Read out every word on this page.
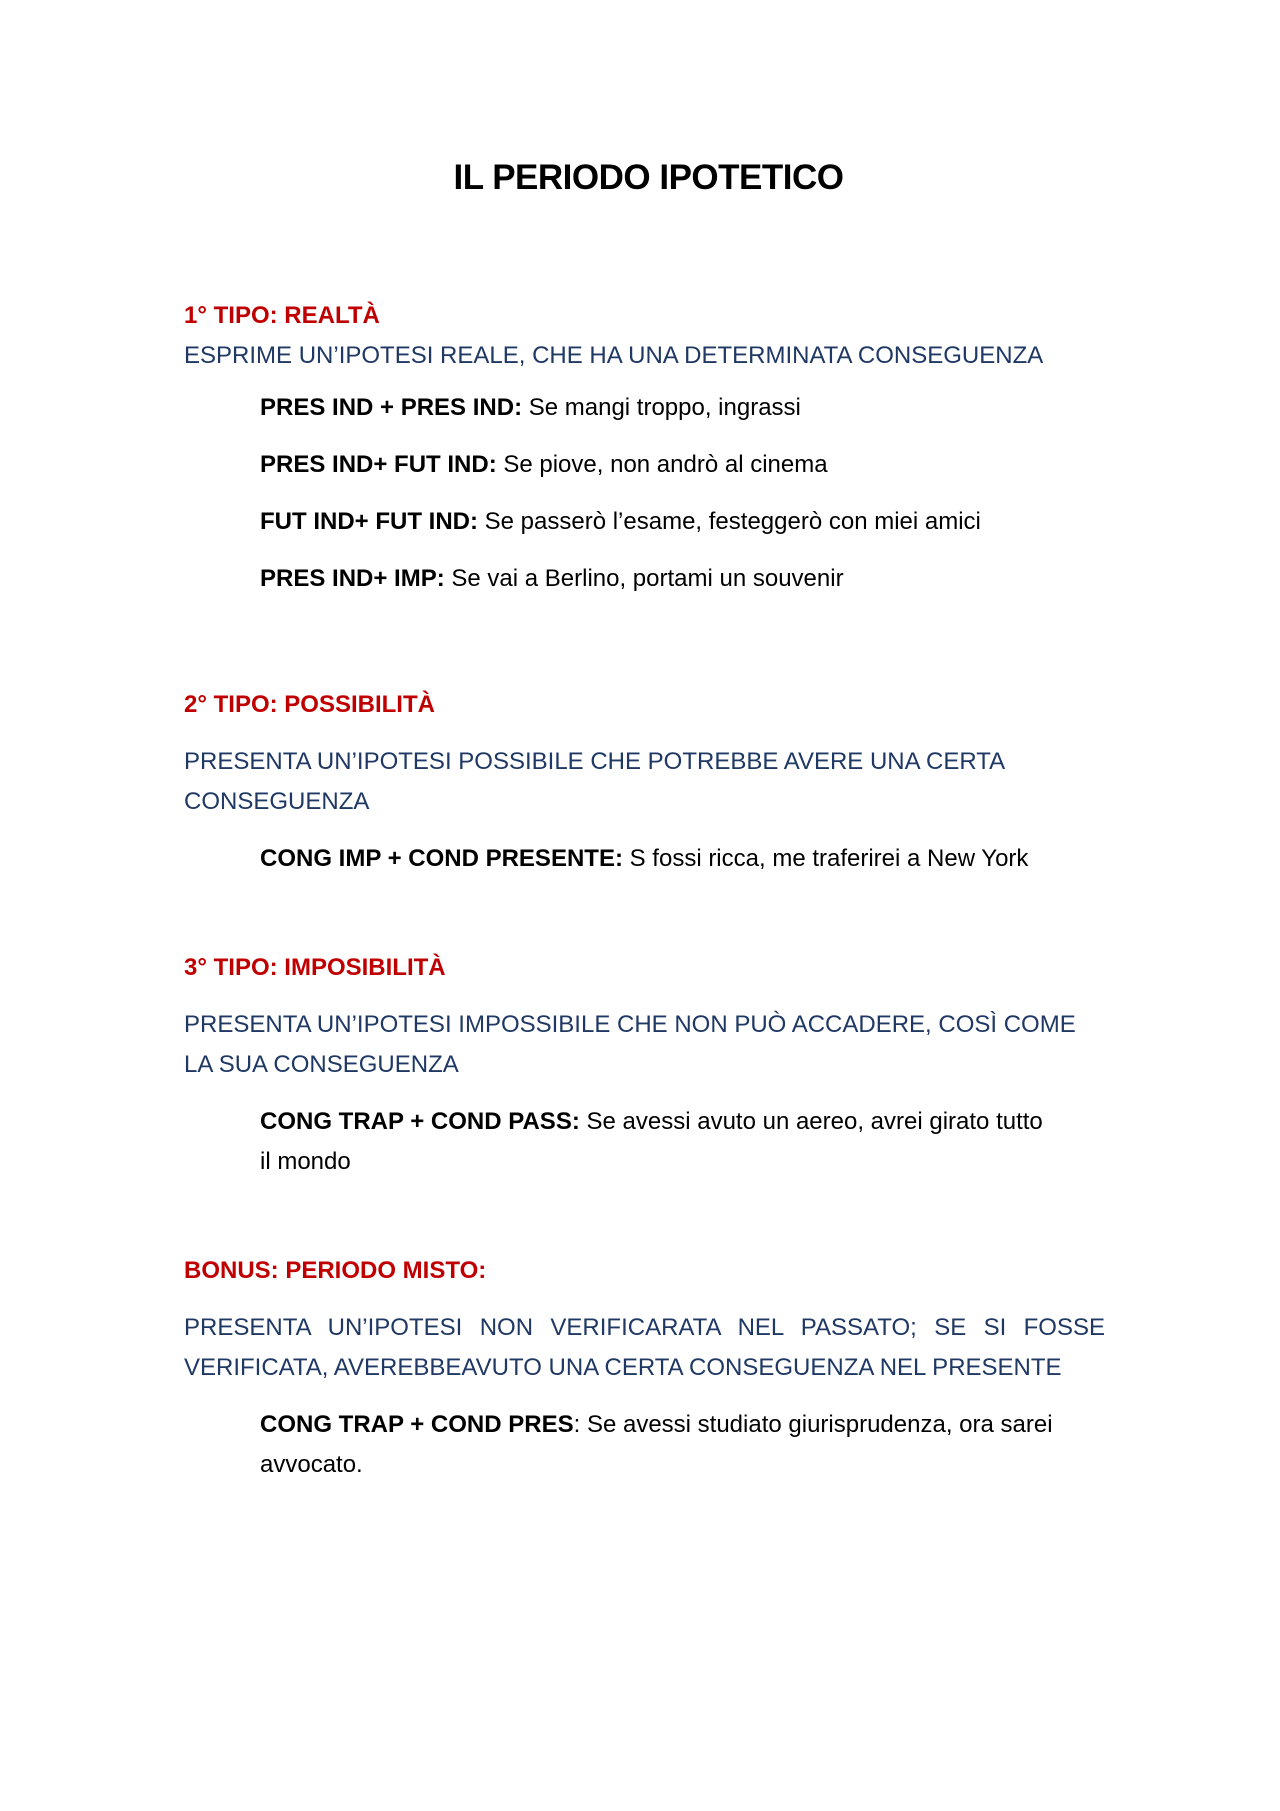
IL PERIODO IPOTETICO

1° TIPO: REALTÀ

ESPRIME UN’IPOTESI REALE, CHE HA UNA DETERMINATA CONSEGUENZA

PRES IND + PRES IND: Se mangi troppo, ingrassi

PRES IND+ FUT IND: Se piove, non andrò al cinema

FUT IND+ FUT IND: Se passerò l’esame, festeggerò con miei amici

PRES IND+ IMP: Se vai a Berlino, portami un souvenir

2° TIPO: POSSIBILITÀ

PRESENTA UN’IPOTESI POSSIBILE CHE POTREBBE AVERE UNA CERTA CONSEGUENZA

CONG IMP + COND PRESENTE: S fossi ricca, me traferirei a New York

3° TIPO: IMPOSIBILITÀ

PRESENTA UN’IPOTESI IMPOSSIBILE CHE NON PUÒ ACCADERE, COSÌ COME LA SUA CONSEGUENZA

CONG TRAP + COND PASS: Se avessi avuto un aereo, avrei girato tutto il mondo

BONUS: PERIODO MISTO:

PRESENTA UN’IPOTESI NON VERIFICARATA NEL PASSATO; SE SI FOSSE

VERIFICATA, AVEREBBEAVUTO UNA CERTA CONSEGUENZA NEL PRESENTE

CONG TRAP + COND PRES: Se avessi studiato giurisprudenza, ora sarei avvocato.
